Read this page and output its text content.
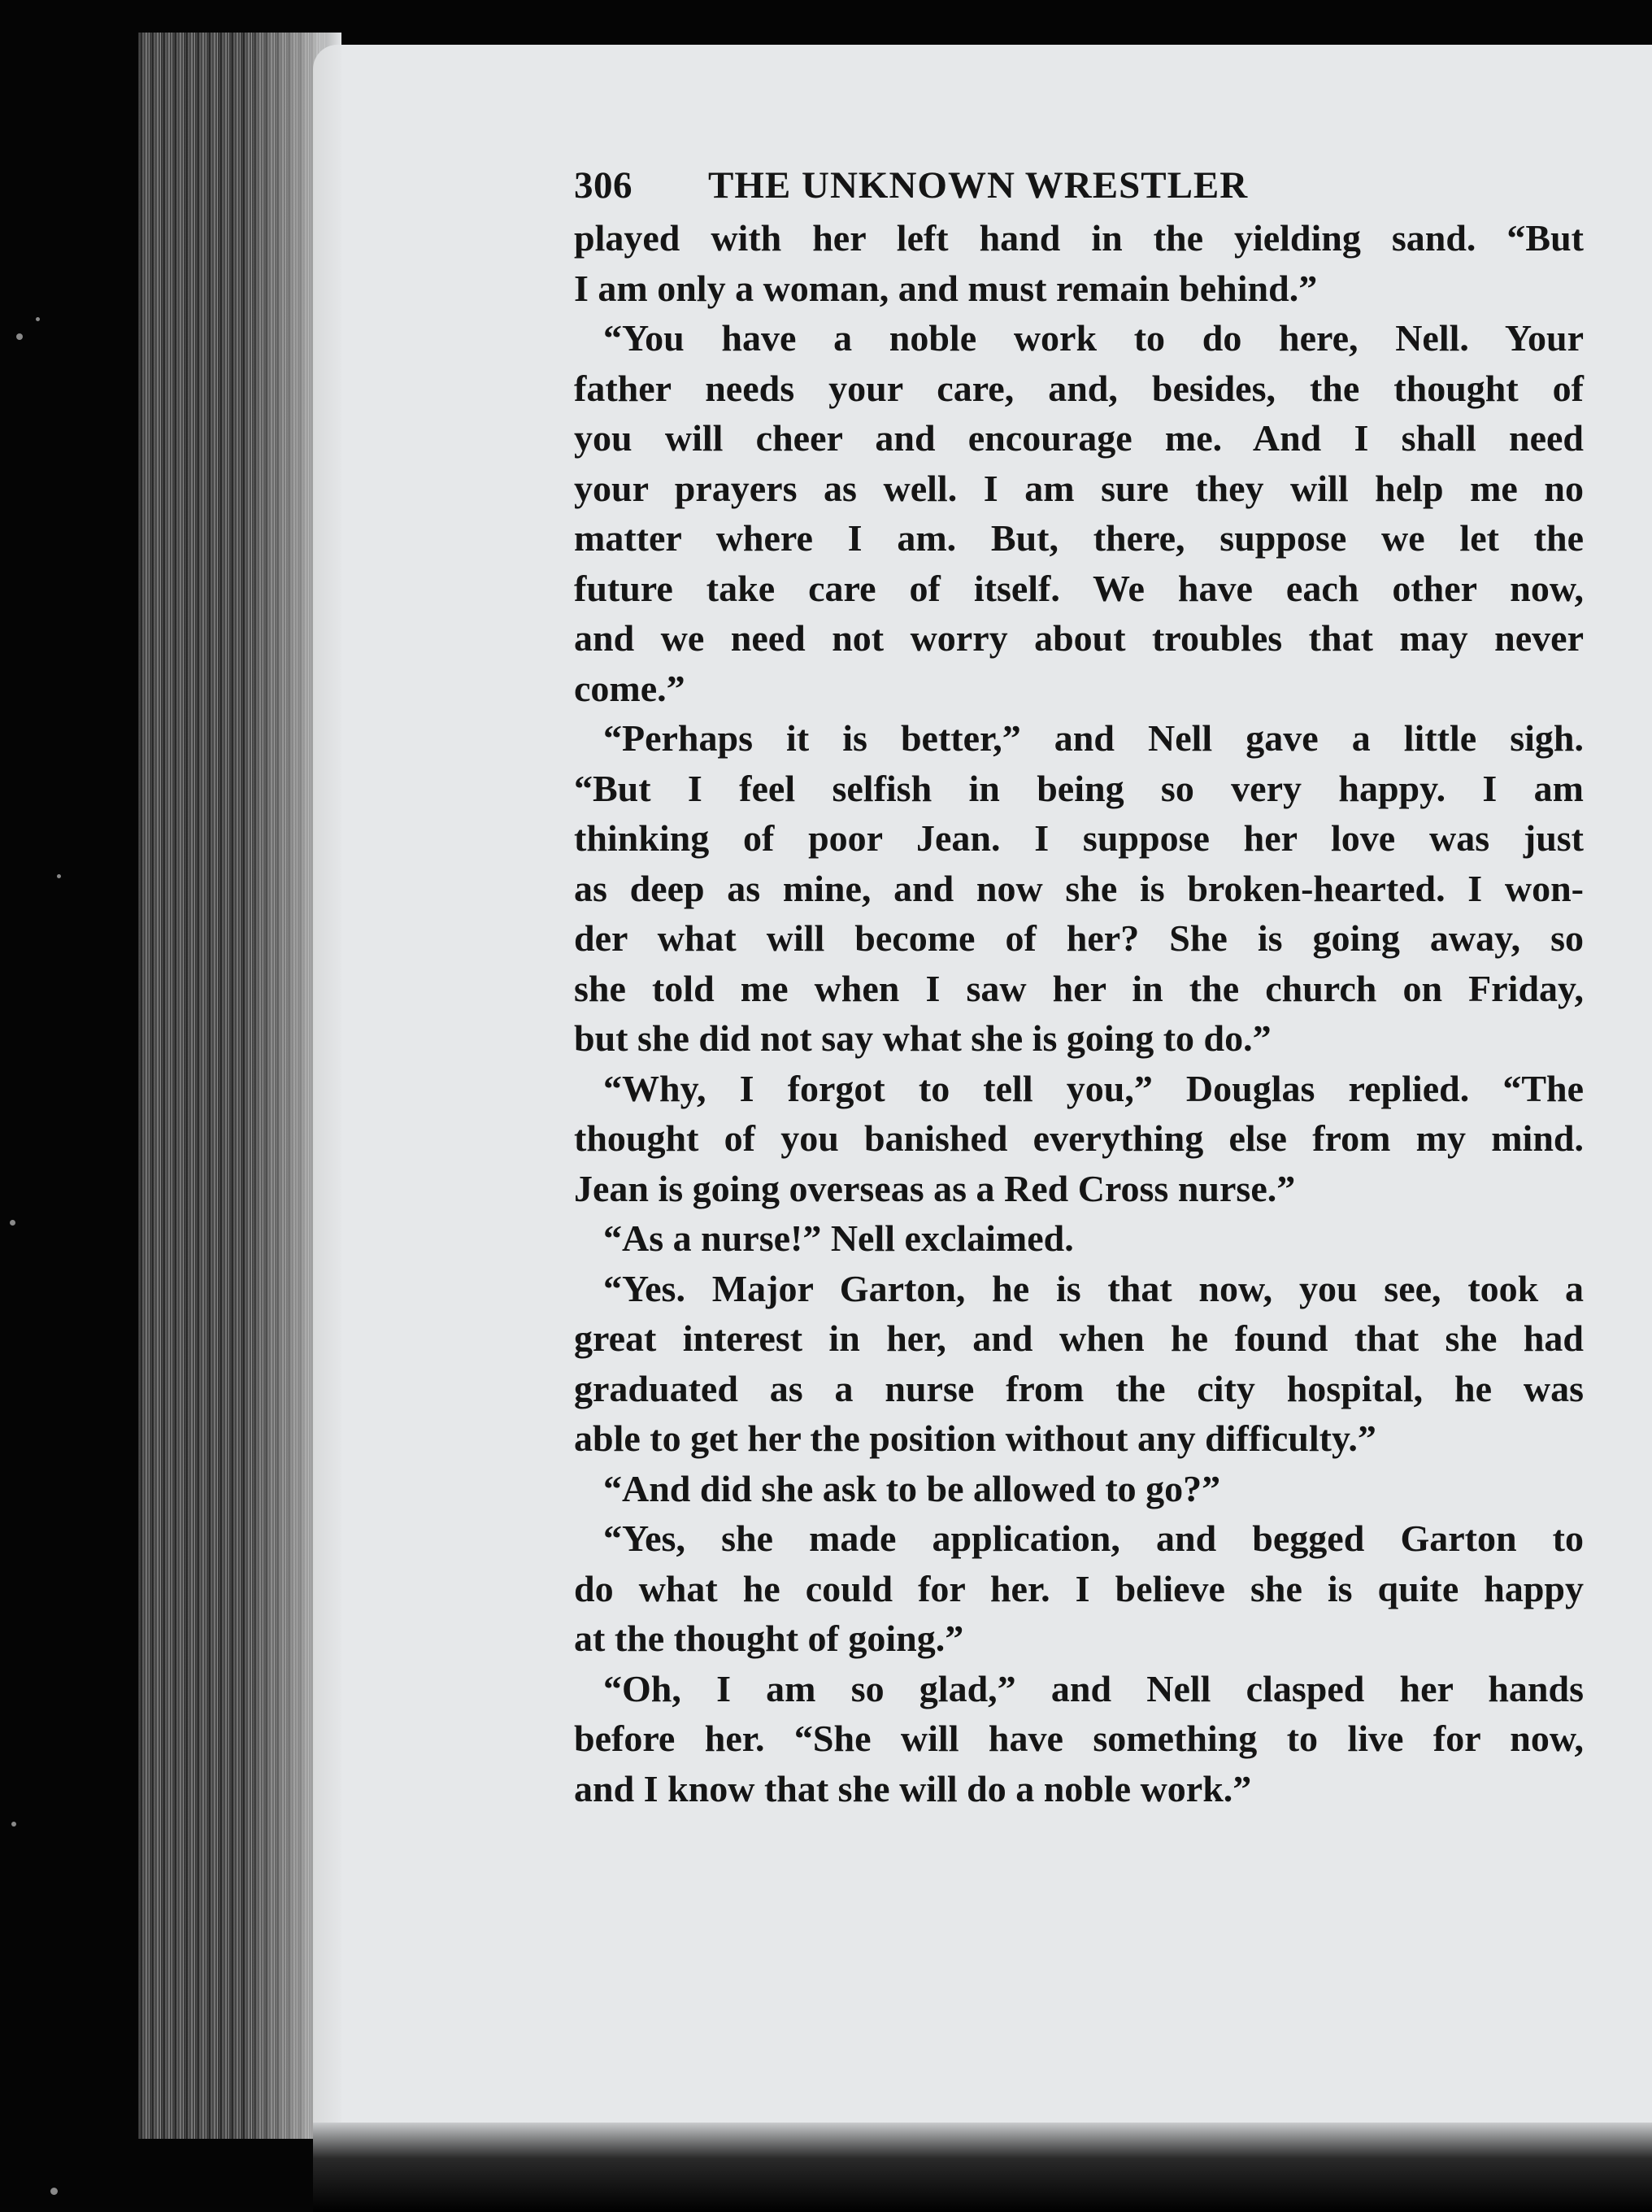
306	THE UNKNOWN WRESTLER
played with her left hand in the yielding sand. “But
I am only a woman, and must remain behind.”
“You have a noble work to do here, Nell. Your
father needs your care, and, besides, the thought of
you will cheer and encourage me. And I shall need
your prayers as well. I am sure they will help me no
matter where I am. But, there, suppose we let the
future take care of itself. We have each other now,
and we need not worry about troubles that may never
come.”
“Perhaps it is better,” and Nell gave a little sigh.
“But I feel selfish in being so very happy. I am
thinking of poor Jean. I suppose her love was just
as deep as mine, and now she is broken-hearted. I won-
der what will become of her? She is going away, so
she told me when I saw her in the church on Friday,
but she did not say what she is going to do.”
“Why, I forgot to tell you,” Douglas replied. “The
thought of you banished everything else from my mind.
Jean is going overseas as a Red Cross nurse.”
“As a nurse!” Nell exclaimed.
“Yes. Major Garton, he is that now, you see, took a
great interest in her, and when he found that she had
graduated as a nurse from the city hospital, he was
able to get her the position without any difficulty.”
“And did she ask to be allowed to go?”
“Yes, she made application, and begged Garton to
do what he could for her. I believe she is quite happy
at the thought of going.”
“Oh, I am so glad,” and Nell clasped her hands
before her. “She will have something to live for now,
and I know that she will do a noble work.”
